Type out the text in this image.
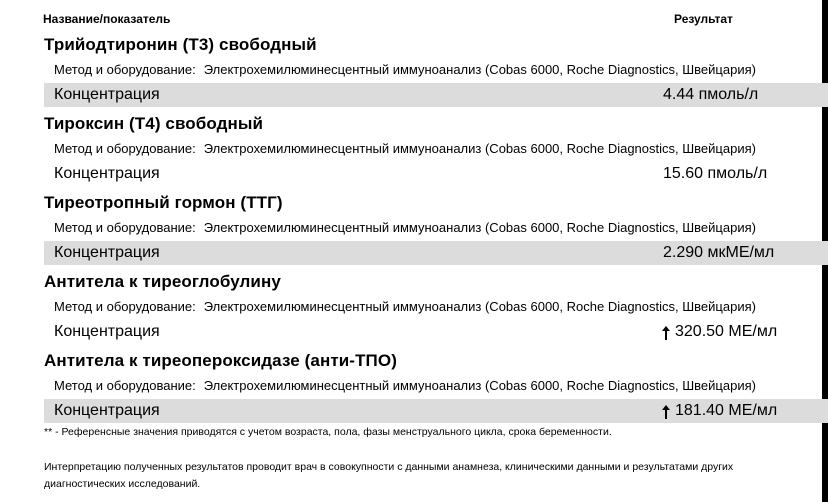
Название/показатель	Результат
Трийодтиронин (Т3) свободный
Метод и оборудование: Электрохемилюминесцентный иммуноанализ (Cobas 6000, Roche Diagnostics, Швейцария)
Концентрация	4.44 пмоль/л
Тироксин (Т4) свободный
Метод и оборудование: Электрохемилюминесцентный иммуноанализ (Cobas 6000, Roche Diagnostics, Швейцария)
Концентрация	15.60 пмоль/л
Тиреотропный гормон (ТТГ)
Метод и оборудование: Электрохемилюминесцентный иммуноанализ (Cobas 6000, Roche Diagnostics, Швейцария)
Концентрация	2.290 мкМЕ/мл
Антитела к тиреоглобулину
Метод и оборудование: Электрохемилюминесцентный иммуноанализ (Cobas 6000, Roche Diagnostics, Швейцария)
Концентрация	320.50 МЕ/мл
Антитела к тиреопероксидазе (анти-ТПО)
Метод и оборудование: Электрохемилюминесцентный иммуноанализ (Cobas 6000, Roche Diagnostics, Швейцария)
Концентрация	181.40 МЕ/мл
** - Референсные значения приводятся с учетом возраста, пола, фазы менструального цикла, срока беременности.
Интерпретацию полученных результатов проводит врач в совокупности с данными анамнеза, клиническими данными и результатами других диагностических исследований.
